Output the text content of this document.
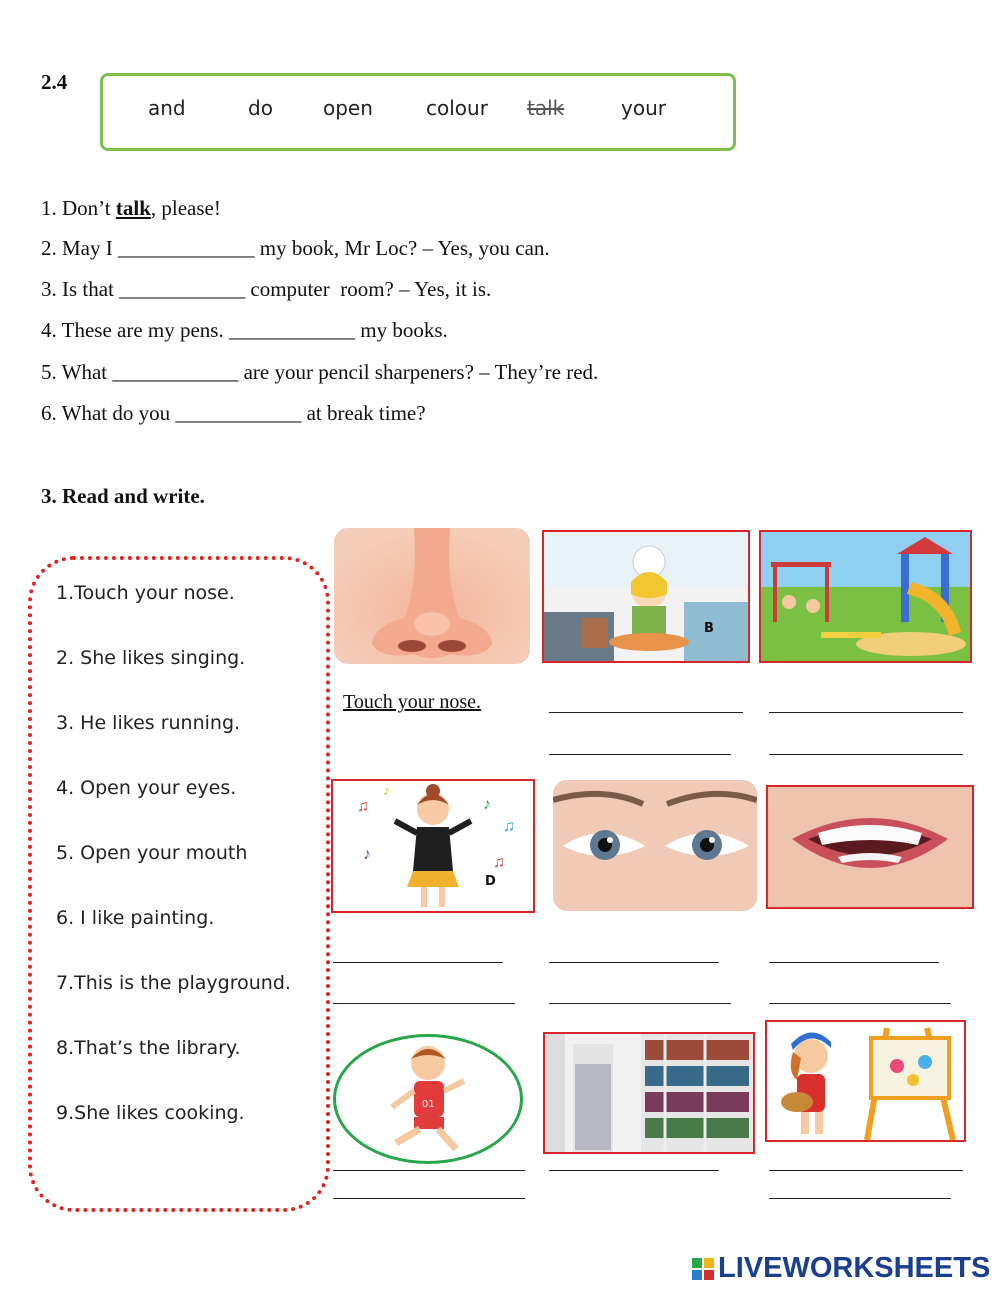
2.4
and	do	open	colour talk	your
1. Don’t talk, please!
2. May I _____________ my book, Mr Loc? – Yes, you can.
3. Is that ____________ computer  room? – Yes, it is.
4. These are my pens. ____________ my books.
5. What ____________ are your pencil sharpeners? – They’re red.
6. What do you ____________ at break time?
3. Read and write.
1.Touch your nose.
2. She likes singing.
3. He likes running.
4. Open your eyes.
5. Open your mouth
6. I like painting.
7.This is the playground.
8.That’s the library.
9.She likes cooking.
B
Touch your nose.
♫	♪
♫
♪	♫
♪
D
01
LIVEWORKSHEETS
